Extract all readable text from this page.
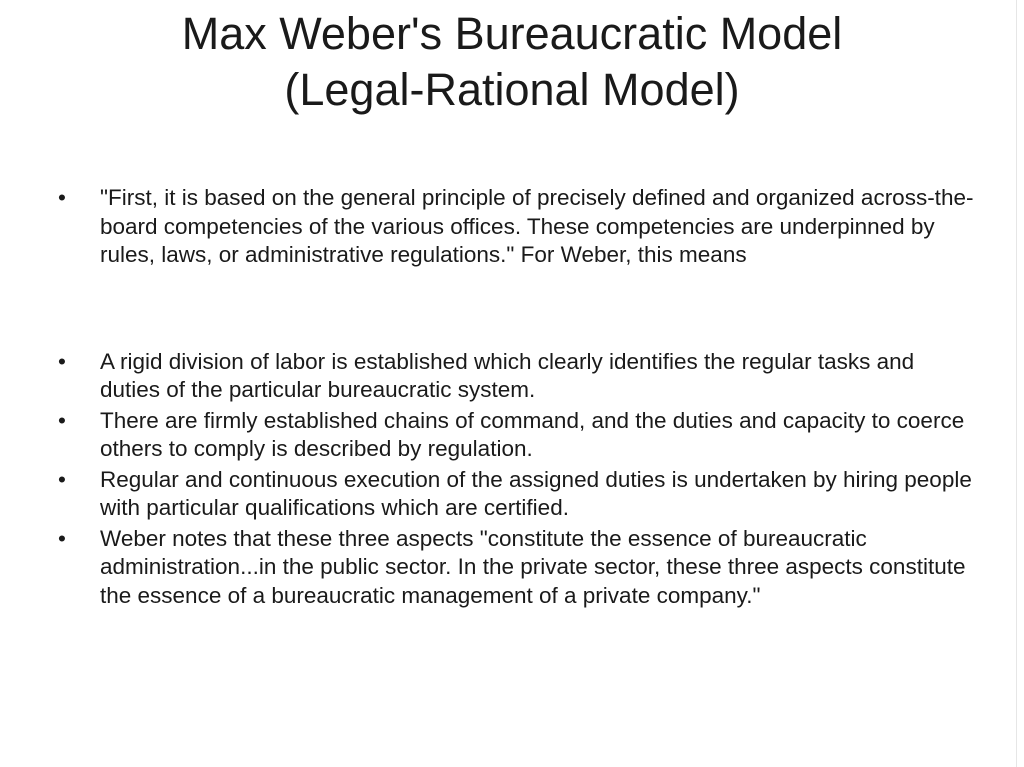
Max Weber's Bureaucratic Model
(Legal-Rational Model)
•	"First, it is based on the general principle of precisely defined and organized across-the-board competencies of the various offices. These competencies are underpinned by rules, laws, or administrative regulations." For Weber, this means
•	A rigid division of labor is established which clearly identifies the regular tasks and duties of the particular bureaucratic system.
•	There are firmly established chains of command, and the duties and capacity to coerce others to comply is described by regulation.
•	Regular and continuous execution of the assigned duties is undertaken by hiring people with particular qualifications which are certified.
•	Weber notes that these three aspects "constitute the essence of bureaucratic administration...in the public sector. In the private sector, these three aspects constitute the essence of a bureaucratic management of a private company."
